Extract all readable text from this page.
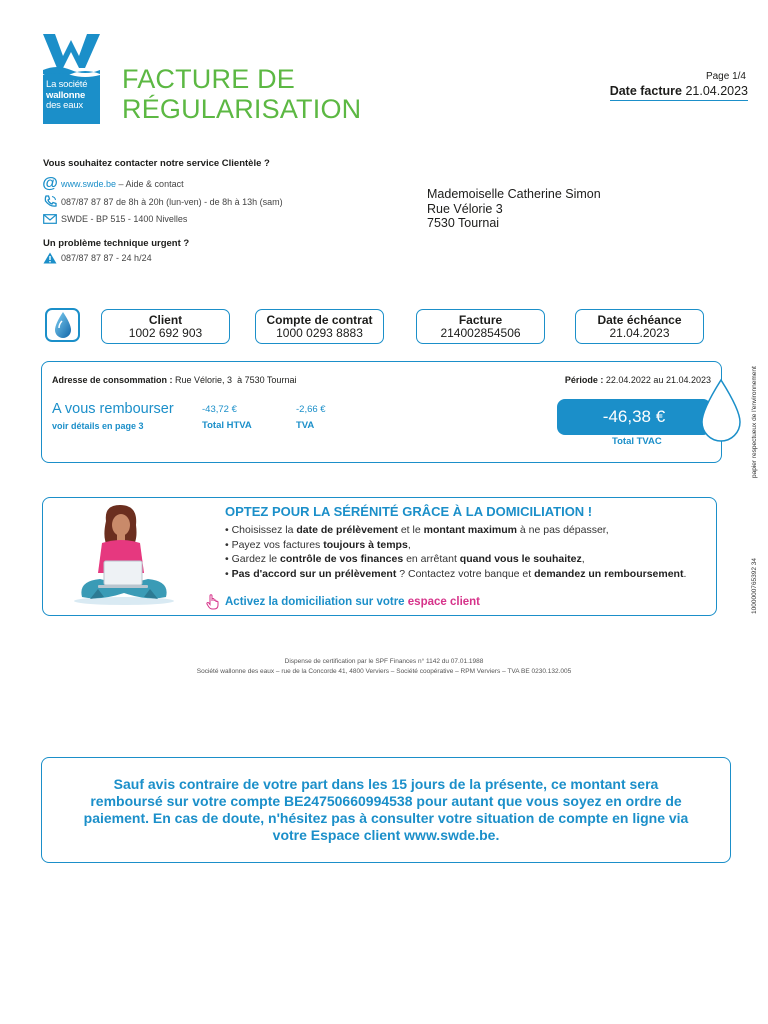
La société
wallonne
des eaux
FACTURE DE
RÉGULARISATION
Page 1/4
Date facture 21.04.2023
Vous souhaitez contacter notre service Clientèle ?
@ www.swde.be – Aide & contact
087/87 87 87 de 8h à 20h (lun-ven) - de 8h à 13h (sam)
SWDE - BP 515 - 1400 Nivelles
Un problème technique urgent ?
087/87 87 87 - 24 h/24
Mademoiselle Catherine Simon
Rue Vélorie 3
7530 Tournai
Client
1002 692 903
Compte de contrat
1000 0293 8883
Facture
214002854506
Date échéance
21.04.2023
Adresse de consommation : Rue Vélorie, 3  à 7530 Tournai	Période : 22.04.2022 au 21.04.2023
A vous rembourser
voir détails en page 3
-43,72 €
Total HTVA
-2,66 €
TVA	-46,38 €
Total TVAC	papier respectueux de l'environnement
1000000765392 34
OPTEZ POUR LA SÉRÉNITÉ GRÂCE À LA DOMICILIATION !
• Choisissez la date de prélèvement et le montant maximum à ne pas dépasser,
• Payez vos factures toujours à temps,
• Gardez le contrôle de vos finances en arrêtant quand vous le souhaitez,
• Pas d'accord sur un prélèvement ? Contactez votre banque et demandez un remboursement.
Activez la domiciliation sur votre espace client
Dispense de certification par le SPF Finances n° 1142 du 07.01.1988
Société wallonne des eaux – rue de la Concorde 41, 4800 Verviers – Société coopérative – RPM Verviers – TVA BE 0230.132.005
Sauf avis contraire de votre part dans les 15 jours de la présente, ce montant sera remboursé sur votre compte BE24750660994538 pour autant que vous soyez en ordre de paiement. En cas de doute, n'hésitez pas à consulter votre situation de compte en ligne via votre Espace client www.swde.be.
